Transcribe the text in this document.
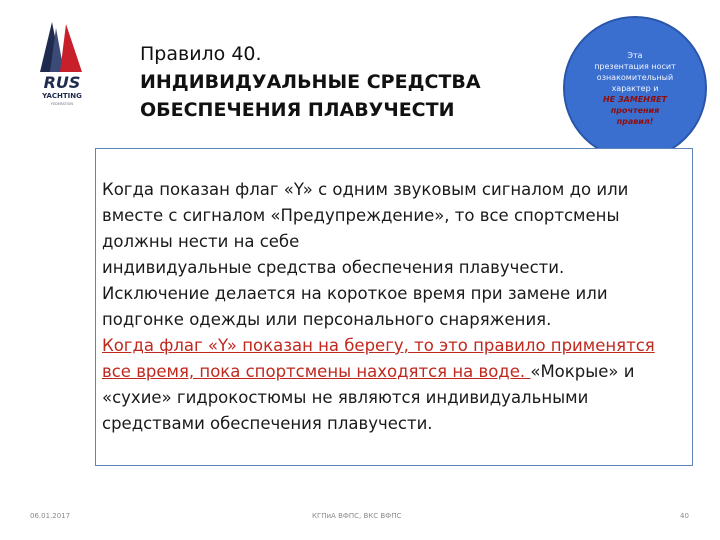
RUS
YACHTING
FEDERATION
Правило 40.
ИНДИВИДУАЛЬНЫЕ СРЕДСТВА
ОБЕСПЕЧЕНИЯ ПЛАВУЧЕСТИ
Эта
презентация носит
ознакомительный
характер и
НЕ ЗАМЕНЯЕТ прочтения
правил!
Когда показан флаг «Y» с одним звуковым сигналом до или
вместе с сигналом «Предупреждение», то все спортсмены
должны нести на себе
индивидуальные средства обеспечения плавучести.
Исключение делается на короткое время при замене или
подгонке одежды или персонального снаряжения.
Когда флаг «Y» показан на берегу, то это правило применятся
все время, пока спортсмены находятся на воде. «Мокрые» и
«сухие» гидрокостюмы не являются индивидуальными
средствами обеспечения плавучести.
06.01.2017	КГПиА ВФПС, ВКС ВФПС	40
